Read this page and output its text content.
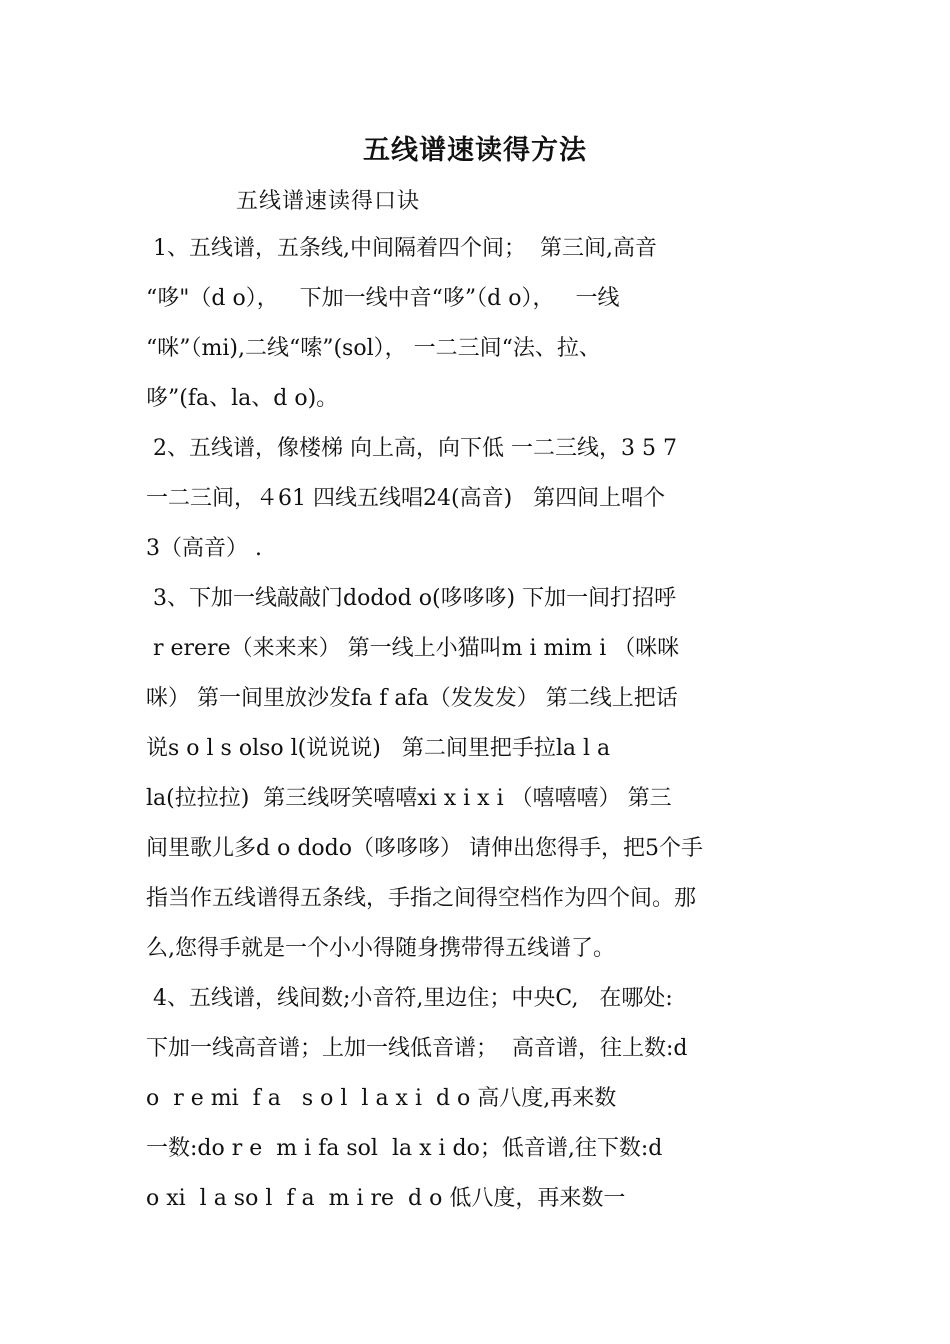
五线谱速读得方法
五线谱速读得口诀
1、五线谱，五条线,中间隔着四个间；  第三间,高音
“哆"（d o），   下加一线中音“哆”（d o），   一线
“咪”（mi),二线“嗦”(sol）， 一二三间“法、拉、
哆”(fa、la、d o)。
2、五线谱，像楼梯 向上高，向下低 一二三线，3 5 7
一二三间，４61 四线五线唱24(高音)   第四间上唱个
3（高音） .
3、下加一线敲敲门dodod o(哆哆哆) 下加一间打招呼
r erere（来来来） 第一线上小猫叫m i mim i （咪咪
咪） 第一间里放沙发fa f afa（发发发） 第二线上把话
说s o l s olso l(说说说)   第二间里把手拉la l a
la(拉拉拉)  第三线呀笑嘻嘻xi x i x i （嘻嘻嘻） 第三
间里歌儿多d o dodo（哆哆哆） 请伸出您得手，把5个手
指当作五线谱得五条线，手指之间得空档作为四个间。那
么,您得手就是一个小小得随身携带得五线谱了。
4、五线谱，线间数;小音符,里边住；中央C,   在哪处:
下加一线高音谱；上加一线低音谱；  高音谱，往上数:d
o  r e mi  f a   s o l  l a x i  d o 高八度,再来数
一数:do r e  m i fa sol  la x i do；低音谱,往下数:d
o xi  l a so l  f a  m i re  d o 低八度，再来数一
